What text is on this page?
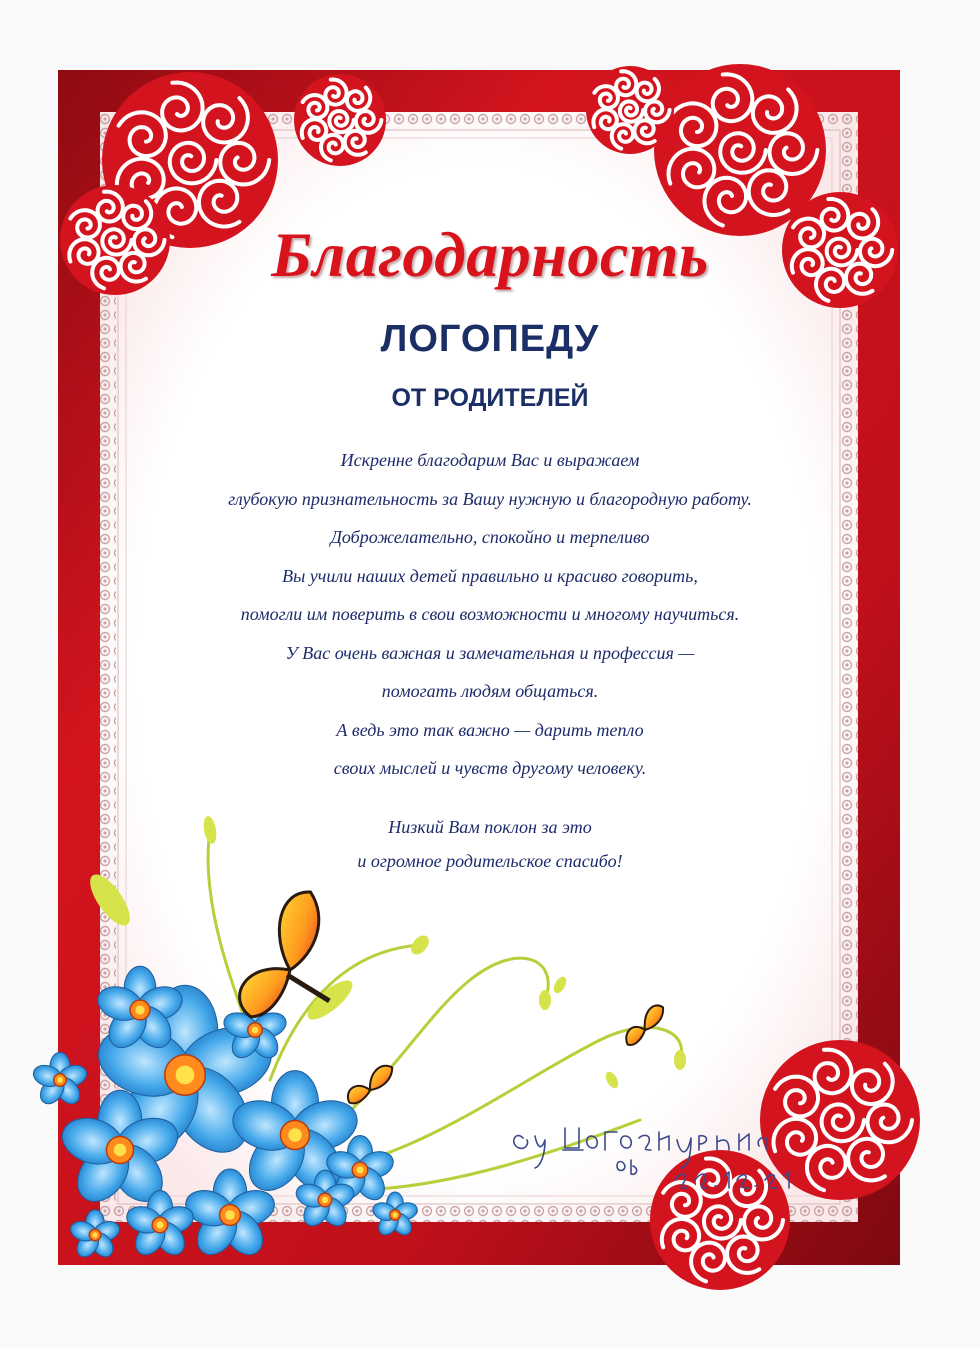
Благодарность
ЛОГОПЕДУ
ОТ РОДИТЕЛЕЙ
Искренне благодарим Вас и выражаем
глубокую признательность за Вашу нужную и благородную работу.
Доброжелательно, спокойно и терпеливо
Вы учили наших детей правильно и красиво говорить,
помогли им поверить в свои возможности и многому научиться.
У Вас очень важная и замечательная и профессия —
помогать людям общаться.
А ведь это так важно — дарить тепло
своих мыслей и чувств другому человеку.
Низкий Вам поклон за это
и огромное родительское спасибо!
